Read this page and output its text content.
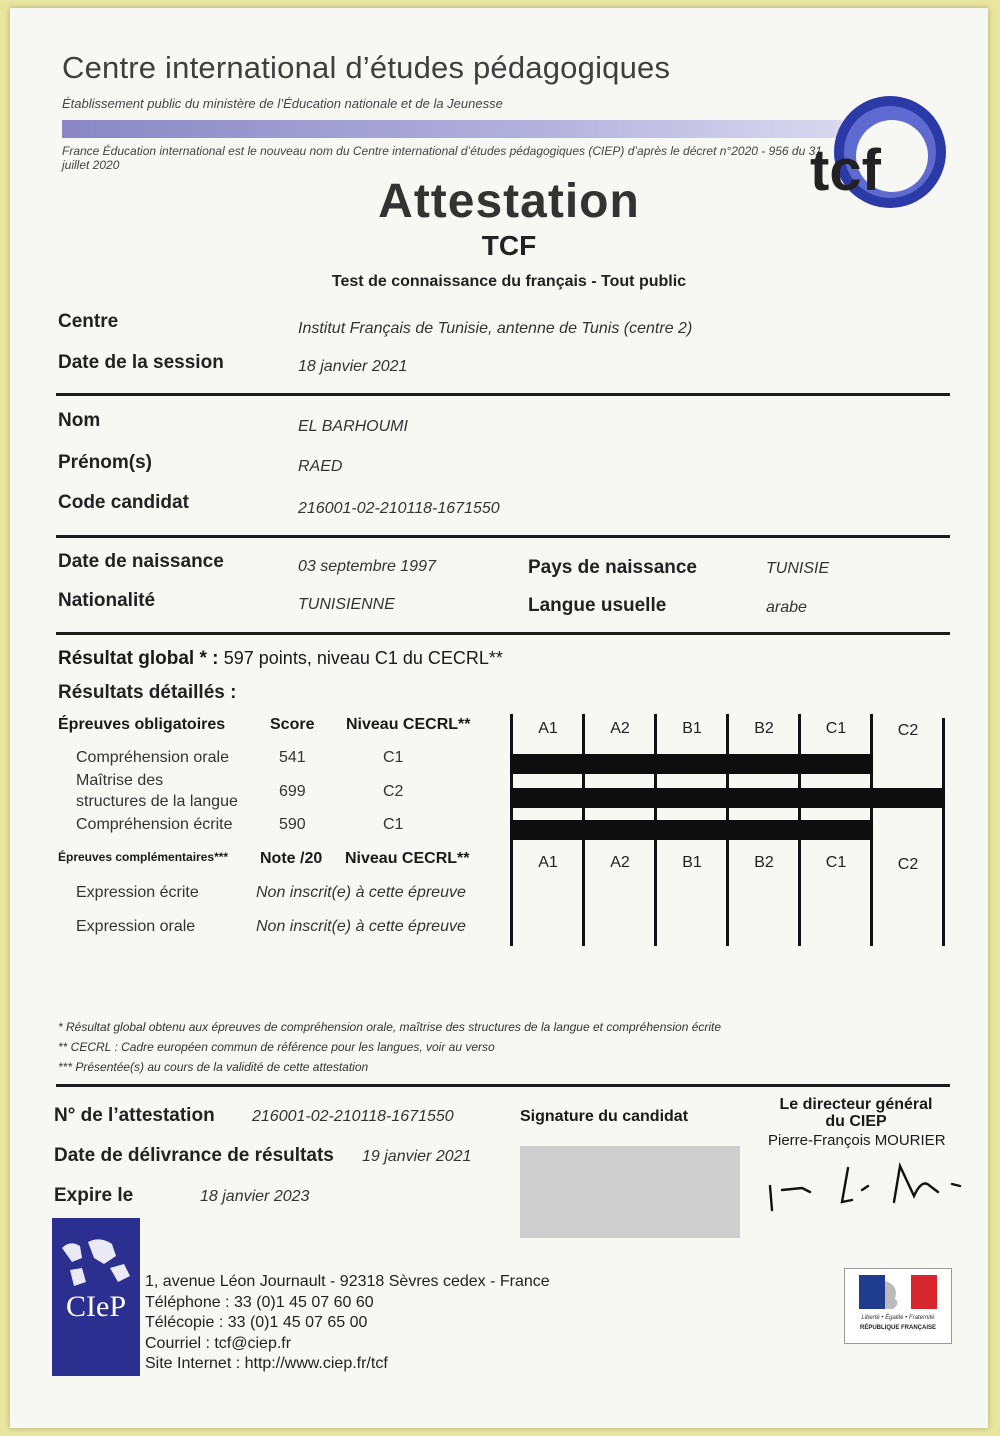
Centre international d’études pédagogiques
Établissement public du ministère de l’Éducation nationale et de la Jeunesse
France Éducation international est le nouveau nom du Centre international d’études pédagogiques (CIEP) d’après le décret n°2020 - 956 du 31 juillet 2020	tcf
Attestation
TCF
Test de connaissance du français - Tout public
Centre	Institut Français de Tunisie, antenne de Tunis (centre 2)
Date de la session	18 janvier 2021
Nom	EL BARHOUMI
Prénom(s)	RAED
Code candidat	216001-02-210118-1671550
Date de naissance	03 septembre 1997	Pays de naissance	TUNISIE
Nationalité	TUNISIENNE	Langue usuelle	arabe
Résultat global * : 597 points, niveau C1 du CECRL**
Résultats détaillés :
Épreuves obligatoires	Score Niveau CECRL**
Compréhension orale	541	C1
Maîtrise des
structures de la langue
699	C2
Compréhension écrite	590	C1
Épreuves complémentaires*** Note /20 Niveau CECRL**
Expression écrite	Non inscrit(e) à cette épreuve
Expression orale	Non inscrit(e) à cette épreuve
A1	A2	B1	B2	C1	C2
A1	A2	B1	B2	C1	C2
* Résultat global obtenu aux épreuves de compréhension orale, maîtrise des structures de la langue et compréhension écrite
** CECRL : Cadre européen commun de référence pour les langues, voir au verso
*** Présentée(s) au cours de la validité de cette attestation
N° de l’attestation 216001-02-210118-1671550
Date de délivrance de résultats 19 janvier 2021
Expire le	18 janvier 2023
Signature du candidat
Le directeur général
du CIEP
Pierre-François MOURIER
CIeP
1, avenue Léon Journault - 92318 Sèvres cedex - France
Téléphone : 33 (0)1 45 07 60 60
Télécopie : 33 (0)1 45 07 65 00
Courriel : tcf@ciep.fr
Site Internet : http://www.ciep.fr/tcf
Liberté • Égalité • Fraternité
RÉPUBLIQUE FRANÇAISE
